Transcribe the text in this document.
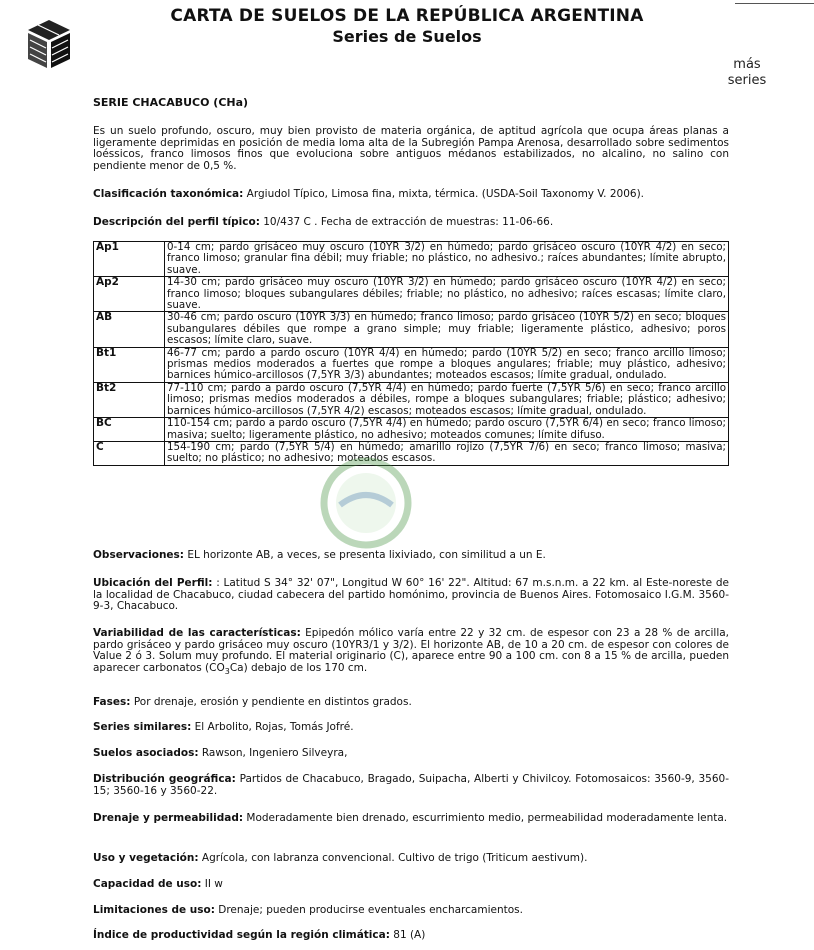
CARTA DE SUELOS DE LA REPÚBLICA ARGENTINA
Series de Suelos
más
series
SERIE CHACABUCO (CHa)
Es un suelo profundo, oscuro, muy bien provisto de materia orgánica, de aptitud agrícola que ocupa áreas planas a ligeramente deprimidas en posición de media loma alta de la Subregión Pampa Arenosa, desarrollado sobre sedimentos loéssicos, franco limosos finos que evoluciona sobre antiguos médanos estabilizados, no alcalino, no salino con pendiente menor de 0,5 %.
Clasificación taxonómica: Argiudol Típico, Limosa fina, mixta, térmica. (USDA-Soil Taxonomy V. 2006).
Descripción del perfil típico: 10/437 C . Fecha de extracción de muestras: 11-06-66.
Ap1	0-14 cm; pardo grisáceo muy oscuro (10YR 3/2) en húmedo; pardo grisáceo oscuro (10YR 4/2) en seco; franco limoso; granular fina débil; muy friable; no plástico, no adhesivo.; raíces abundantes; límite abrupto, suave.
Ap2	14-30 cm; pardo grisáceo muy oscuro (10YR 3/2) en húmedo; pardo grisáceo oscuro (10YR 4/2) en seco; franco limoso; bloques subangulares débiles; friable; no plástico, no adhesivo; raíces escasas; límite claro, suave.
AB	30-46 cm; pardo oscuro (10YR 3/3) en húmedo; franco limoso; pardo grisáceo (10YR 5/2) en seco; bloques subangulares débiles que rompe a grano simple; muy friable; ligeramente plástico, adhesivo; poros escasos; límite claro, suave.
Bt1	46-77 cm; pardo a pardo oscuro (10YR 4/4) en húmedo; pardo (10YR 5/2) en seco; franco arcillo limoso; prismas medios moderados a fuertes que rompe a bloques angulares; friable; muy plástico, adhesivo; barnices húmico-arcillosos (7,5YR 3/3) abundantes; moteados escasos; límite gradual, ondulado.
Bt2	77-110 cm; pardo a pardo oscuro (7,5YR 4/4) en húmedo; pardo fuerte (7,5YR 5/6) en seco; franco arcillo limoso; prismas medios moderados a débiles, rompe a bloques subangulares; friable; plástico; adhesivo; barnices húmico-arcillosos (7,5YR 4/2) escasos; moteados escasos; límite gradual, ondulado.
BC	110-154 cm; pardo a pardo oscuro (7,5YR 4/4) en húmedo; pardo oscuro (7,5YR 6/4) en seco; franco limoso; masiva; suelto; ligeramente plástico, no adhesivo; moteados comunes; límite difuso.
C	154-190 cm; pardo (7,5YR 5/4) en húmedo; amarillo rojizo (7,5YR 7/6) en seco; franco limoso; masiva; suelto; no plástico; no adhesivo; moteados escasos.
Observaciones: EL horizonte AB, a veces, se presenta lixiviado, con similitud a un E.
Ubicación del Perfil: : Latitud S 34° 32' 07", Longitud W 60° 16' 22". Altitud: 67 m.s.n.m. a 22 km. al Este-noreste de la localidad de Chacabuco, ciudad cabecera del partido homónimo, provincia de Buenos Aires. Fotomosaico I.G.M. 3560-9-3, Chacabuco.
Variabilidad de las características: Epipedón mólico varía entre 22 y 32 cm. de espesor con 23 a 28 % de arcilla, pardo grisáceo y pardo grisáceo muy oscuro (10YR3/1 y 3/2). El horizonte AB, de 10 a 20 cm. de espesor con colores de Value 2 ó 3. Solum muy profundo. El material originario (C), aparece entre 90 a 100 cm. con 8 a 15 % de arcilla, pueden aparecer carbonatos $(CO_3Ca)$ debajo de los 170 cm.
Fases: Por drenaje, erosión y pendiente en distintos grados.
Series similares: El Arbolito, Rojas, Tomás Jofré.
Suelos asociados: Rawson, Ingeniero Silveyra,
Distribución geográfica: Partidos de Chacabuco, Bragado, Suipacha, Alberti y Chivilcoy. Fotomosaicos: 3560-9, 3560-15; 3560-16 y 3560-22.
Drenaje y permeabilidad: Moderadamente bien drenado, escurrimiento medio, permeabilidad moderadamente lenta.
Uso y vegetación: Agrícola, con labranza convencional. Cultivo de trigo (Triticum aestivum).
Capacidad de uso: II w
Limitaciones de uso: Drenaje; pueden producirse eventuales encharcamientos.
Índice de productividad según la región climática: 81 (A)
